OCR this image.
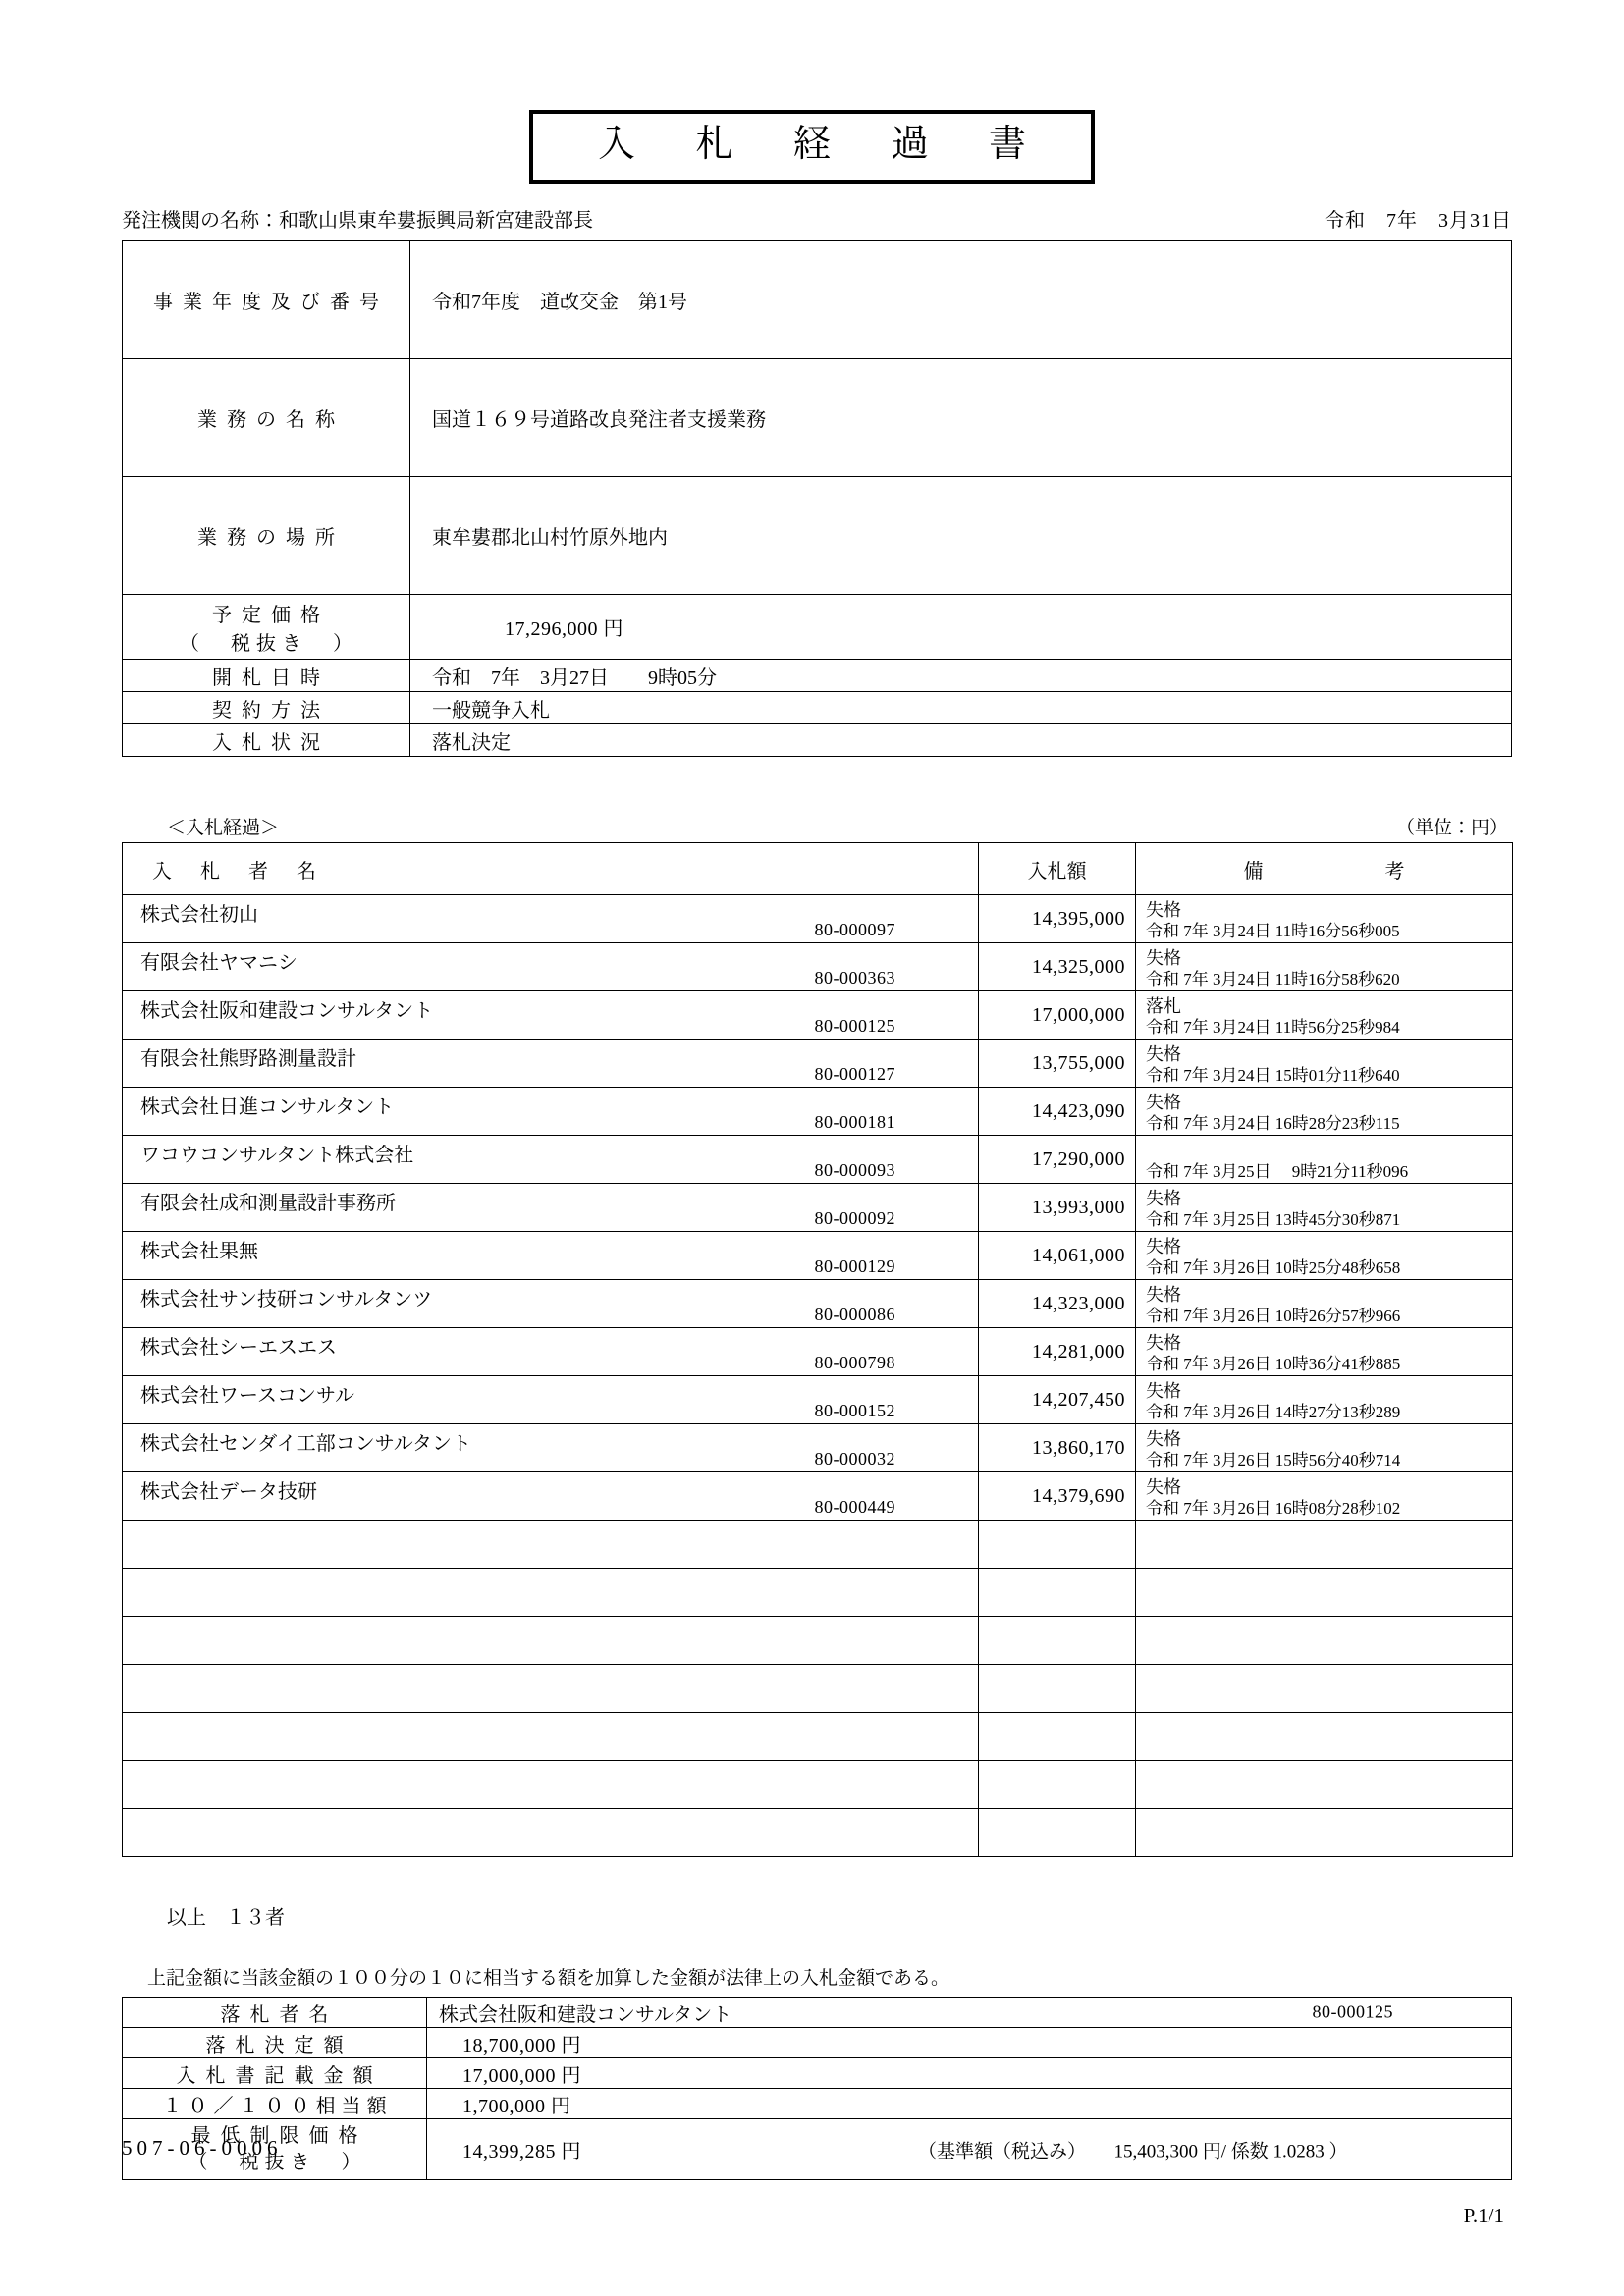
入 札 経 過 書
発注機関の名称：和歌山県東牟婁振興局新宮建設部長	令和　7年　3月31日
事業年度及び番号	令和7年度　道改交金　第1号

業務の名称	国道１６９号道路改良発注者支援業務

業務の場所	東牟婁郡北山村竹原外地内

予定価格
（　税抜き　）	17,296,000 円

開札日時	令和　7年　3月27日　　9時05分

契約方法	一般競争入札

入札状況	落札決定
＜入札経過＞	（単位：円）
入 札 者 名	入札額	備　　考

株式会社初山
80-000097	14,395,000	失格
令和 7年 3月24日 11時16分56秒005

有限会社ヤマニシ
80-000363	14,325,000	失格
令和 7年 3月24日 11時16分58秒620

株式会社阪和建設コンサルタント
80-000125	17,000,000	落札
令和 7年 3月24日 11時56分25秒984

有限会社熊野路測量設計
80-000127	13,755,000	失格
令和 7年 3月24日 15時01分11秒640

株式会社日進コンサルタント
80-000181	14,423,090	失格
令和 7年 3月24日 16時28分23秒115

ワコウコンサルタント株式会社
80-000093	17,290,000	令和 7年 3月25日　 9時21分11秒096

有限会社成和測量設計事務所
80-000092	13,993,000	失格
令和 7年 3月25日 13時45分30秒871

株式会社果無
80-000129	14,061,000	失格
令和 7年 3月26日 10時25分48秒658

株式会社サン技研コンサルタンツ
80-000086	14,323,000	失格
令和 7年 3月26日 10時26分57秒966

株式会社シーエスエス
80-000798	14,281,000	失格
令和 7年 3月26日 10時36分41秒885

株式会社ワースコンサル
80-000152	14,207,450	失格
令和 7年 3月26日 14時27分13秒289

株式会社センダイ工部コンサルタント
80-000032	13,860,170	失格
令和 7年 3月26日 15時56分40秒714

株式会社データ技研
80-000449	14,379,690	失格
令和 7年 3月26日 16時08分28秒102

以上　１３者
上記金額に当該金額の１００分の１０に相当する額を加算した金額が法律上の入札金額である。
落札者名	株式会社阪和建設コンサルタント 80-000125

落札決定額	18,700,000 円

入札書記載金額	17,000,000 円

１０／１００相当額	1,700,000 円

最低制限価格
（　税抜き　）	14,399,285 円 （基準額（税込み）　　15,403,300 円/ 係数 1.0283 ）
507-06-0006
P.1/1
